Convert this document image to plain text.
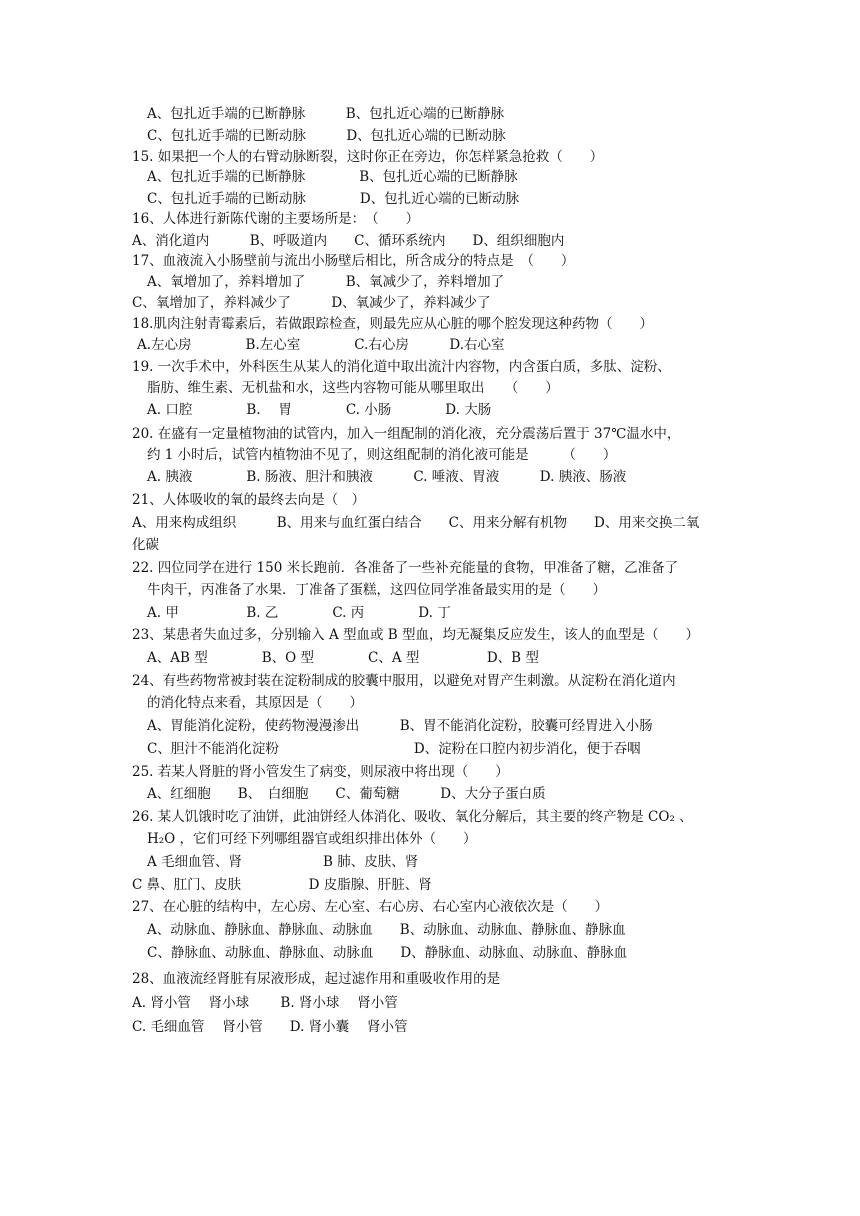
A、包扎近手端的已断静脉　　　B、包扎近心端的已断静脉
C、包扎近手端的已断动脉　　　D、包扎近心端的已断动脉
15. 如果把一个人的右臂动脉断裂，这时你正在旁边，你怎样紧急抢救（　　）
A、包扎近手端的已断静脉　　　　B、包扎近心端的已断静脉
C、包扎近手端的已断动脉　　　　D、包扎近心端的已断动脉
16、人体进行新陈代谢的主要场所是：　（　　）
A、消化道内　　　B、呼吸道内　　C、循环系统内　　D、组织细胞内
17、血液流入小肠壁前与流出小肠壁后相比，所含成分的特点是　（　　）
A、氧增加了，养料增加了　　　B、氧减少了，养料增加了
C、氧增加了，养料减少了　　　D、氧减少了，养料减少了
18.肌肉注射青霉素后，若做跟踪检查，则最先应从心脏的哪个腔发现这种药物（　　）
A.左心房　　　　B.左心室　　　　C.右心房　　　D.右心室
19. 一次手术中，外科医生从某人的消化道中取出流汁内容物，内含蛋白质，多肽、淀粉、
脂肪、维生素、无机盐和水，这些内容物可能从哪里取出　　（　　）
A. 口腔　　　　B.　 胃　　　　C. 小肠　　　　D. 大肠
20. 在盛有一定量植物油的试管内，加入一组配制的消化液，充分震荡后置于 37℃温水中，
约 1 小时后，试管内植物油不见了，则这组配制的消化液可能是　　　（　　）
A. 胰液　　　　B. 肠液、胆汁和胰液　　　C. 唾液、胃液　　　D. 胰液、肠液
21、人体吸收的氧的最终去向是（　）
A、用来构成组织　　　B、用来与血红蛋白结合　　C、用来分解有机物　　D、用来交换二氧
化碳
22. 四位同学在进行 150 米长跑前．各准备了一些补充能量的食物，甲准备了糖，乙准备了
牛肉干，丙准备了水果．丁准备了蛋糕，这四位同学准备最实用的是（　　）
A. 甲　　　　　B. 乙　　　　C. 丙　　　　D. 丁
23、某患者失血过多，分别输入 A 型血或 B 型血，均无凝集反应发生，该人的血型是（　　）
A、AB 型　　　　B、O 型　　　　C、A 型　　　　　D、B 型
24、有些药物常被封装在淀粉制成的胶囊中服用，以避免对胃产生刺激。从淀粉在消化道内
的消化特点来看，其原因是（　　）
A、胃能消化淀粉，使药物漫漫渗出　　　B、胃不能消化淀粉，胶囊可经胃进入小肠
C、胆汁不能消化淀粉　　　　　　　　　　D、淀粉在口腔内初步消化，便于吞咽
25. 若某人肾脏的肾小管发生了病变，则尿液中将出现（　　）
A、红细胞　　B、　白细胞　　C、葡萄糖　　　D、大分子蛋白质
26. 某人饥饿时吃了油饼，此油饼经人体消化、吸收、氧化分解后，其主要的终产物是 CO₂ 、
H₂O ，它们可经下列哪组器官或组织排出体外（　　）
A 毛细血管、肾　　　　　　B 肺、皮肤、肾
C 鼻、肛门、皮肤　　　　　D 皮脂腺、肝脏、肾
27、在心脏的结构中，左心房、左心室、右心房、右心室内心液依次是（　　）
A、动脉血、静脉血、静脉血、动脉血　　B、动脉血、动脉血、静脉血、静脉血
C、静脉血、动脉血、静脉血、动脉血　　D、静脉血、动脉血、动脉血、静脉血
28、血液流经肾脏有尿液形成，起过滤作用和重吸收作用的是
A. 肾小管　 肾小球　　 B. 肾小球　 肾小管
C. 毛细血管　 肾小管　　D. 肾小囊　 肾小管
